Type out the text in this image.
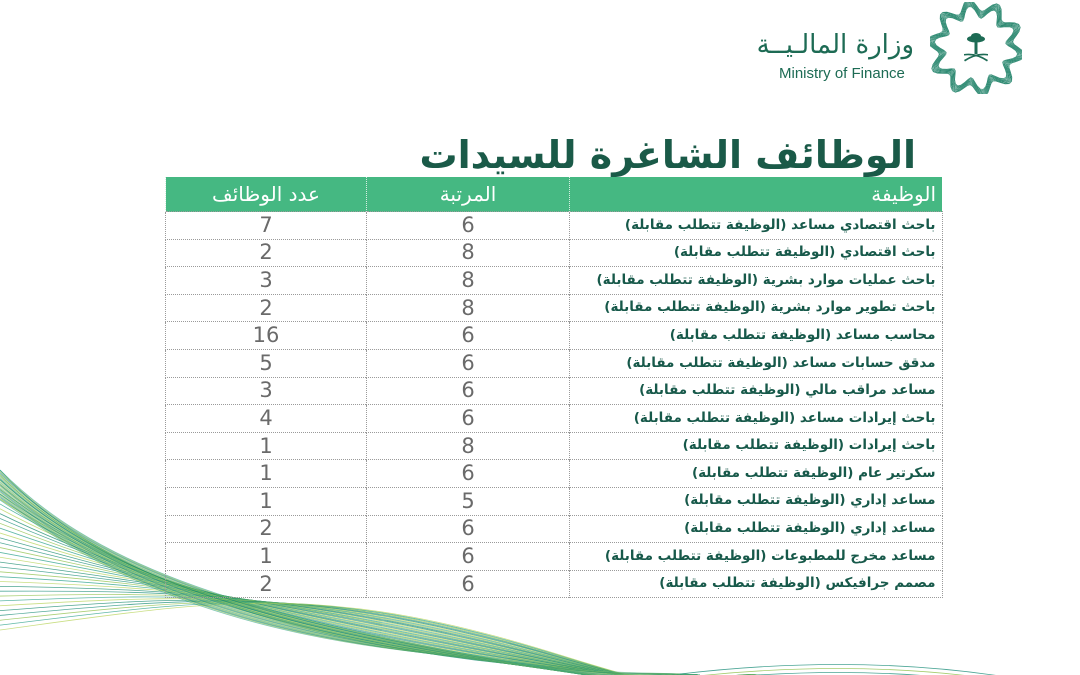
وزارة المالـيــة
Ministry of Finance
الوظائف الشاغرة للسيدات
الوظيفة	المرتبة	عدد الوظائف
باحث اقتصادي مساعد (الوظيفة تتطلب مقابلة)	6	7
باحث اقتصادي (الوظيفة تتطلب مقابلة)	8	2
باحث عمليات موارد بشرية (الوظيفة تتطلب مقابلة)	8	3
باحث تطوير موارد بشرية (الوظيفة تتطلب مقابلة)	8	2
محاسب مساعد (الوظيفة تتطلب مقابلة)	6	16
مدقق حسابات مساعد (الوظيفة تتطلب مقابلة)	6	5
مساعد مراقب مالي (الوظيفة تتطلب مقابلة)	6	3
باحث إيرادات مساعد (الوظيفة تتطلب مقابلة)	6	4
باحث إيرادات (الوظيفة تتطلب مقابلة)	8	1
سكرتير عام (الوظيفة تتطلب مقابلة)	6	1
مساعد إداري (الوظيفة تتطلب مقابلة)	5	1
مساعد إداري (الوظيفة تتطلب مقابلة)	6	2
مساعد مخرج للمطبوعات (الوظيفة تتطلب مقابلة)	6	1
مصمم جرافيكس (الوظيفة تتطلب مقابلة)	6	2
